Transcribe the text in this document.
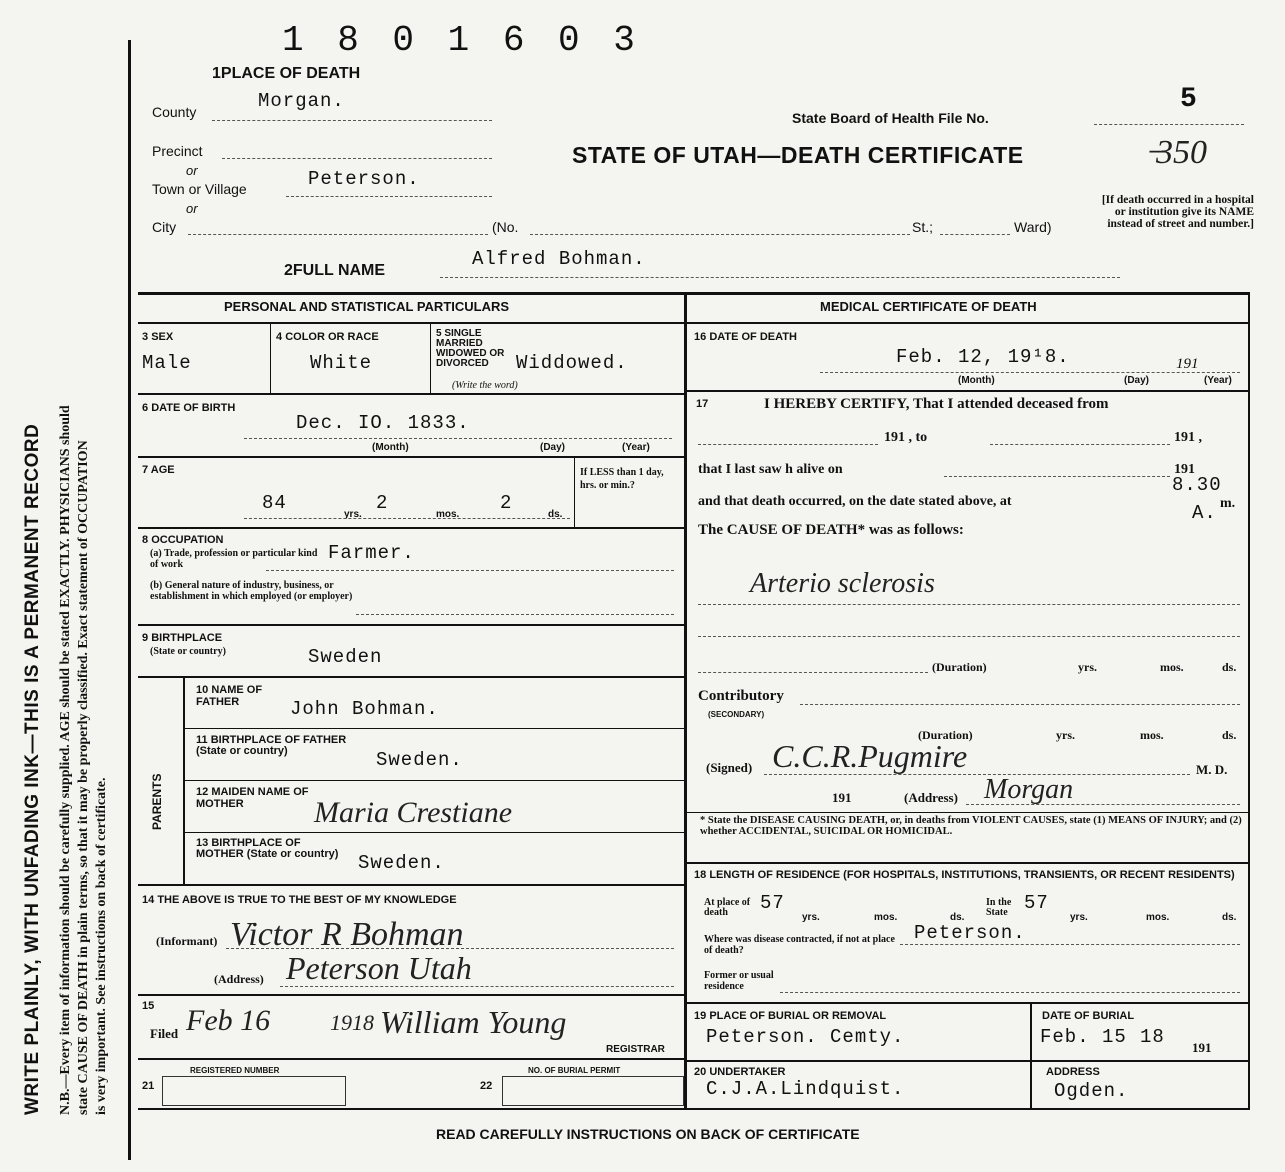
WRITE PLAINLY, WITH UNFADING INK—THIS IS A PERMANENT RECORD N.B.—Every item of information should be carefully supplied. AGE should be stated EXACTLY. PHYSICIANS should state CAUSE OF DEATH in plain terms, so that it may be properly classified. Exact statement of OCCUPATION is very important. See instructions on back of certificate.
1 8 0 1 6 0 3
1PLACE OF DEATH
County	Morgan.
Precinct
or
Town or Village	Peterson.
or
City	(No.	St.;	Ward)
State Board of Health File No.
5
̶350
STATE OF UTAH—DEATH CERTIFICATE
[If death occurred in a hospital or institution give its NAME instead of street and number.]
2FULL NAME
Alfred Bohman.
PERSONAL AND STATISTICAL PARTICULARS	MEDICAL CERTIFICATE OF DEATH
3 SEX
Male
4 COLOR OR RACE
White
5 SINGLE MARRIED WIDOWED OR DIVORCED
(Write the word)
Widdowed.
6 DATE OF BIRTH
Dec. IO. 1833.
(Month)	(Day)	(Year)
7 AGE
84
yrs.
2
mos.
2
ds.
If LESS than 1 day, hrs. or min.?
8 OCCUPATION
(a) Trade, profession or particular kind of work
Farmer.
(b) General nature of industry, business, or establishment in which employed (or employer)
9 BIRTHPLACE
(State or country)	Sweden
PARENTS
10 NAME OF FATHER	John Bohman.
11 BIRTHPLACE OF FATHER (State or country)	Sweden.
12 MAIDEN NAME OF MOTHER	Maria Crestiane
13 BIRTHPLACE OF MOTHER (State or country)	Sweden.
14 THE ABOVE IS TRUE TO THE BEST OF MY KNOWLEDGE
(Informant) Victor R Bohman
(Address) Peterson Utah
15
Filed Feb 16	1918 William Young
REGISTRAR
21
REGISTERED NUMBER
22
NO. OF BURIAL PERMIT
16 DATE OF DEATH
Feb. 12, 19¹8.	191
(Month)	(Day)	(Year)
17	I HEREBY CERTIFY, That I attended deceased from
191 , to	191 ,
that I last saw h alive on	191
and that death occurred, on the date stated above, at
8.30
A. m.
The CAUSE OF DEATH* was as follows:
Arterio sclerosis
(Duration)	yrs.	mos.	ds.
Contributory
(SECONDARY)
(Duration)	yrs.	mos.	ds.
(Signed) C.C.R.Pugmire	M. D.
191	(Address) Morgan
* State the DISEASE CAUSING DEATH, or, in deaths from VIOLENT CAUSES, state (1) MEANS OF INJURY; and (2) whether ACCIDENTAL, SUICIDAL OR HOMICIDAL.
18 LENGTH OF RESIDENCE (FOR HOSPITALS, INSTITUTIONS, TRANSIENTS, OR RECENT RESIDENTS)
At place of death	57
yrs.	mos.	ds.
In the State 57
yrs.	mos.	ds.
Where was disease contracted, if not at place of death?
Peterson.
Former or usual residence
19 PLACE OF BURIAL OR REMOVAL
Peterson. Cemty.
DATE OF BURIAL
Feb. 15 18 191
20 UNDERTAKER
C.J.A.Lindquist.
ADDRESS
Ogden.
READ CAREFULLY INSTRUCTIONS ON BACK OF CERTIFICATE
